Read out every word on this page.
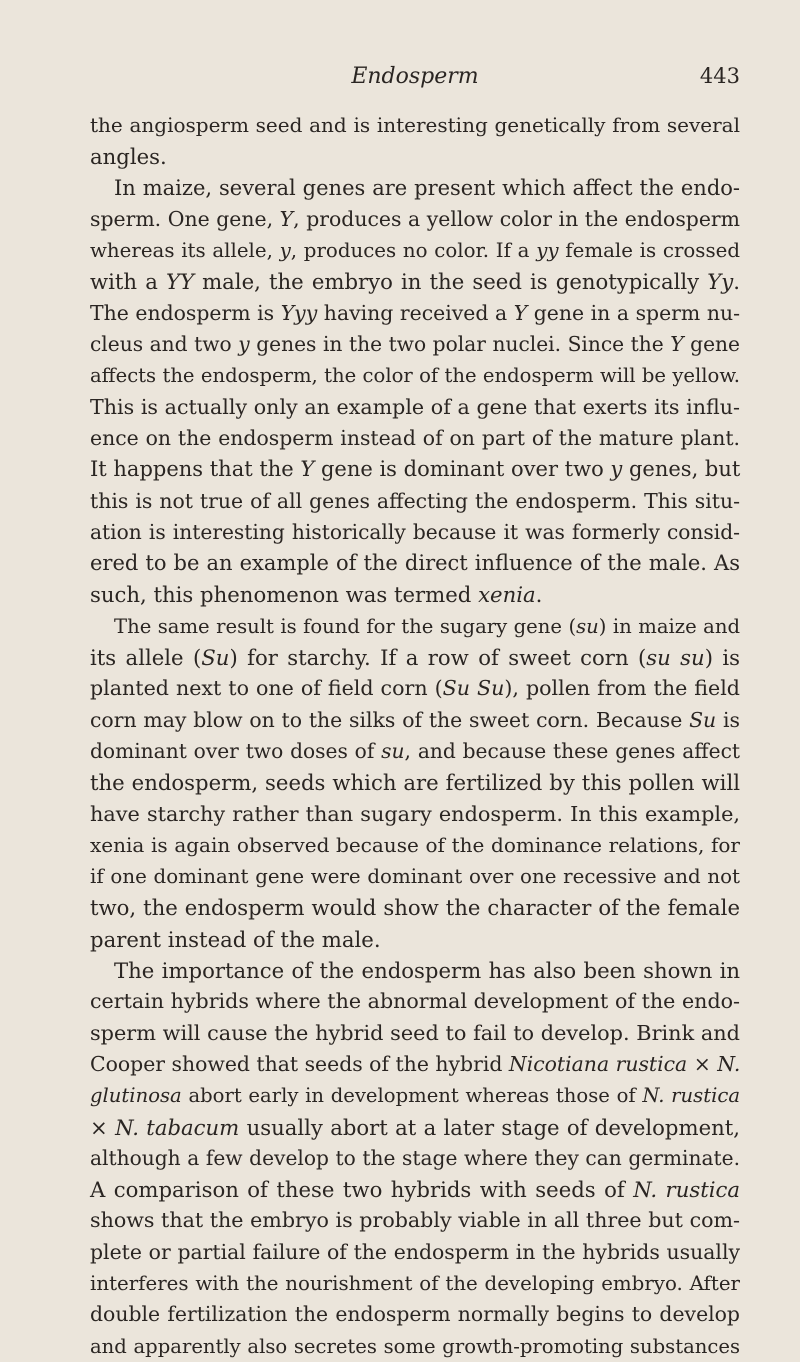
Endosperm	443
the angiosperm seed and is interesting genetically from several
angles.
In maize, several genes are present which affect the endo-
sperm. One gene, Y, produces a yellow color in the endosperm
whereas its allele, y, produces no color. If a yy female is crossed
with a YY male, the embryo in the seed is genotypically Yy.
The endosperm is Yyy having received a Y gene in a sperm nu-
cleus and two y genes in the two polar nuclei. Since the Y gene
affects the endosperm, the color of the endosperm will be yellow.
This is actually only an example of a gene that exerts its influ-
ence on the endosperm instead of on part of the mature plant.
It happens that the Y gene is dominant over two y genes, but
this is not true of all genes affecting the endosperm. This situ-
ation is interesting historically because it was formerly consid-
ered to be an example of the direct influence of the male. As
such, this phenomenon was termed xenia.
The same result is found for the sugary gene (su) in maize and
its allele (Su) for starchy. If a row of sweet corn (su su) is
planted next to one of field corn (Su Su), pollen from the field
corn may blow on to the silks of the sweet corn. Because Su is
dominant over two doses of su, and because these genes affect
the endosperm, seeds which are fertilized by this pollen will
have starchy rather than sugary endosperm. In this example,
xenia is again observed because of the dominance relations, for
if one dominant gene were dominant over one recessive and not
two, the endosperm would show the character of the female
parent instead of the male.
The importance of the endosperm has also been shown in
certain hybrids where the abnormal development of the endo-
sperm will cause the hybrid seed to fail to develop. Brink and
Cooper showed that seeds of the hybrid Nicotiana rustica × N.
glutinosa abort early in development whereas those of N. rustica
× N. tabacum usually abort at a later stage of development,
although a few develop to the stage where they can germinate.
A comparison of these two hybrids with seeds of N. rustica
shows that the embryo is probably viable in all three but com-
plete or partial failure of the endosperm in the hybrids usually
interferes with the nourishment of the developing embryo. After
double fertilization the endosperm normally begins to develop
and apparently also secretes some growth-promoting substances
